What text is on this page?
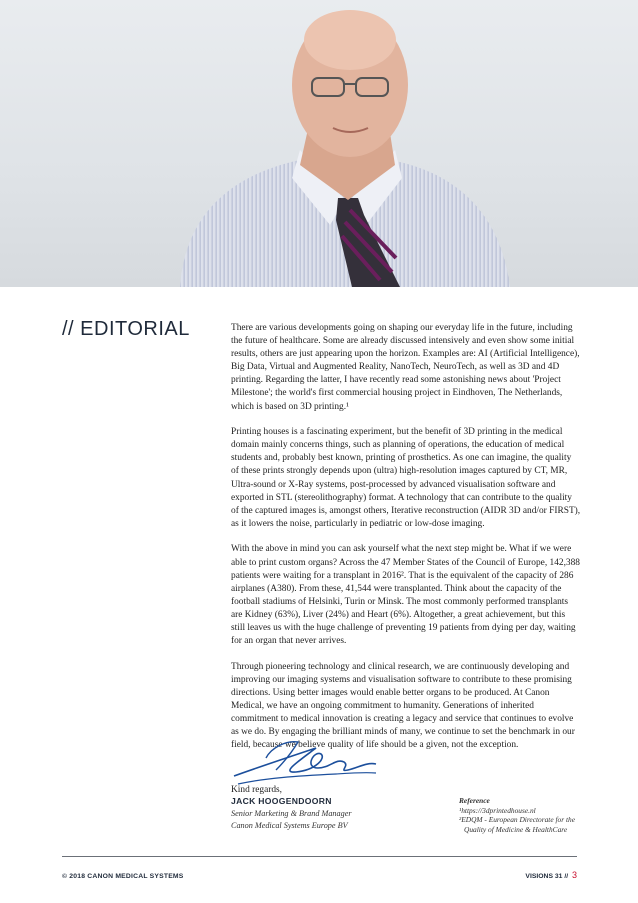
// EDITORIAL	There are various developments going on shaping our everyday life in the future, including the future of healthcare. Some are already discussed intensively and even show some initial results, others are just appearing upon the horizon. Examples are: AI (Artificial Intelligence), Big Data, Virtual and Augmented Reality, NanoTech, NeuroTech, as well as 3D and 4D printing. Regarding the latter, I have recently read some astonishing news about 'Project Milestone'; the world's first commercial housing project in Eindhoven, The Netherlands, which is based on 3D printing.¹

Printing houses is a fascinating experiment, but the benefit of 3D printing in the medical domain mainly concerns things, such as planning of operations, the education of medical students and, probably best known, printing of prosthetics. As one can imagine, the quality of these prints strongly depends upon (ultra) high-resolution images captured by CT, MR, Ultra-sound or X-Ray systems, post-processed by advanced visualisation software and exported in STL (stereolithography) format. A technology that can contribute to the quality of the captured images is, amongst others, Iterative reconstruction (AIDR 3D and/or FIRST), as it lowers the noise, particularly in pediatric or low-dose imaging.

With the above in mind you can ask yourself what the next step might be. What if we were able to print custom organs? Across the 47 Member States of the Council of Europe, 142,388 patients were waiting for a transplant in 2016². That is the equivalent of the capacity of 286 airplanes (A380). From these, 41,544 were transplanted. Think about the capacity of the football stadiums of Helsinki, Turin or Minsk. The most commonly performed transplants are Kidney (63%), Liver (24%) and Heart (6%). Altogether, a great achievement, but this still leaves us with the huge challenge of preventing 19 patients from dying per day, waiting for an organ that never arrives.

Through pioneering technology and clinical research, we are continuously developing and improving our imaging systems and visualisation software to contribute to these promising directions. Using better images would enable better organs to be produced. At Canon Medical, we have an ongoing commitment to humanity. Generations of inherited commitment to medical innovation is creating a legacy and service that continues to evolve as we do. By engaging the brilliant minds of many, we continue to set the benchmark in our field, because we believe quality of life should be a given, not the exception.

Kind regards,

JACK HOOGENDOORN
Senior Marketing & Brand Manager
Canon Medical Systems Europe BV
Reference
¹https://3dprintedhouse.nl
²EDQM - European Directorate for the
Quality of Medicine & HealthCare
© 2018 CANON MEDICAL SYSTEMS	VISIONS 31 // 3
